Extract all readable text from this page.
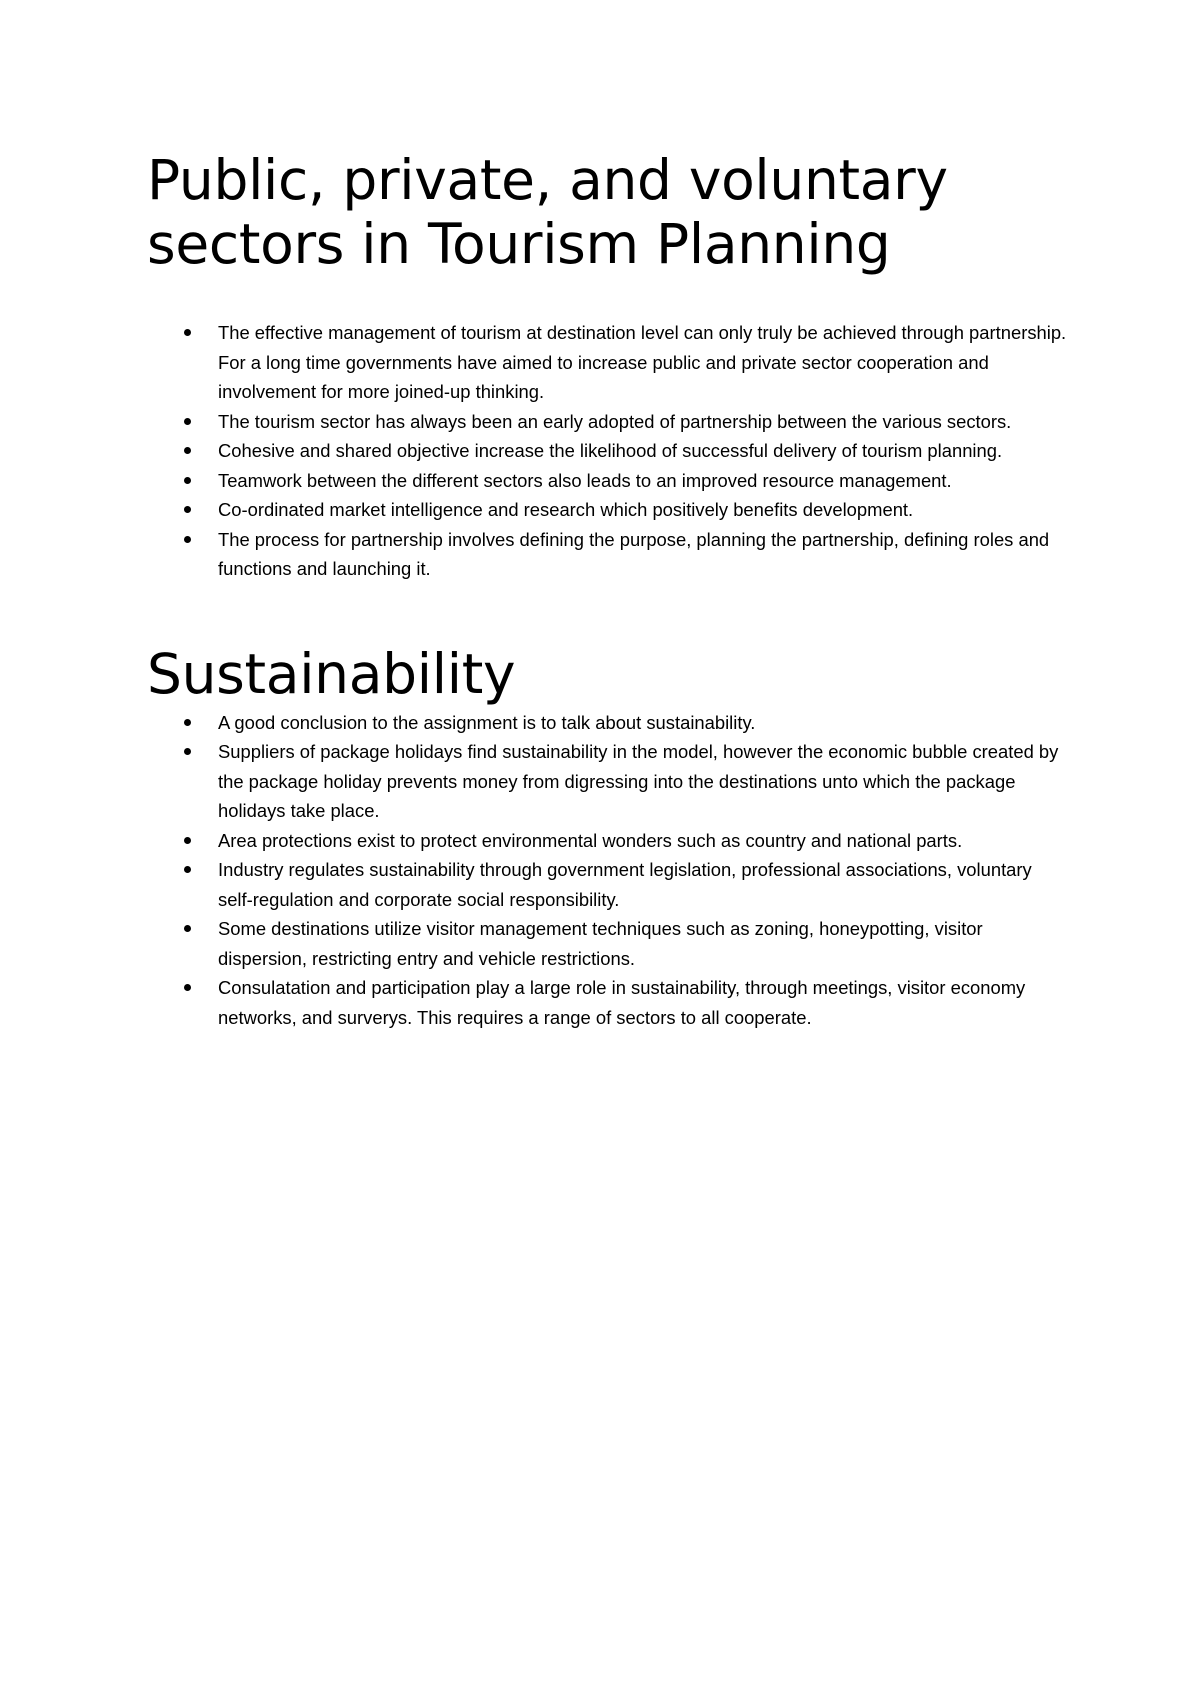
Public, private, and voluntary sectors in Tourism Planning
The effective management of tourism at destination level can only truly be achieved through partnership. For a long time governments have aimed to increase public and private sector cooperation and involvement for more joined-up thinking.
The tourism sector has always been an early adopted of partnership between the various sectors.
Cohesive and shared objective increase the likelihood of successful delivery of tourism planning.
Teamwork between the different sectors also leads to an improved resource management.
Co-ordinated market intelligence and research which positively benefits development.
The process for partnership involves defining the purpose, planning the partnership, defining roles and functions and launching it.
Sustainability
A good conclusion to the assignment is to talk about sustainability.
Suppliers of package holidays find sustainability in the model, however the economic bubble created by the package holiday prevents money from digressing into the destinations unto which the package holidays take place.
Area protections exist to protect environmental wonders such as country and national parts.
Industry regulates sustainability through government legislation, professional associations, voluntary self-regulation and corporate social responsibility.
Some destinations utilize visitor management techniques such as zoning, honeypotting, visitor dispersion, restricting entry and vehicle restrictions.
Consulatation and participation play a large role in sustainability, through meetings, visitor economy networks, and surverys. This requires a range of sectors to all cooperate.
